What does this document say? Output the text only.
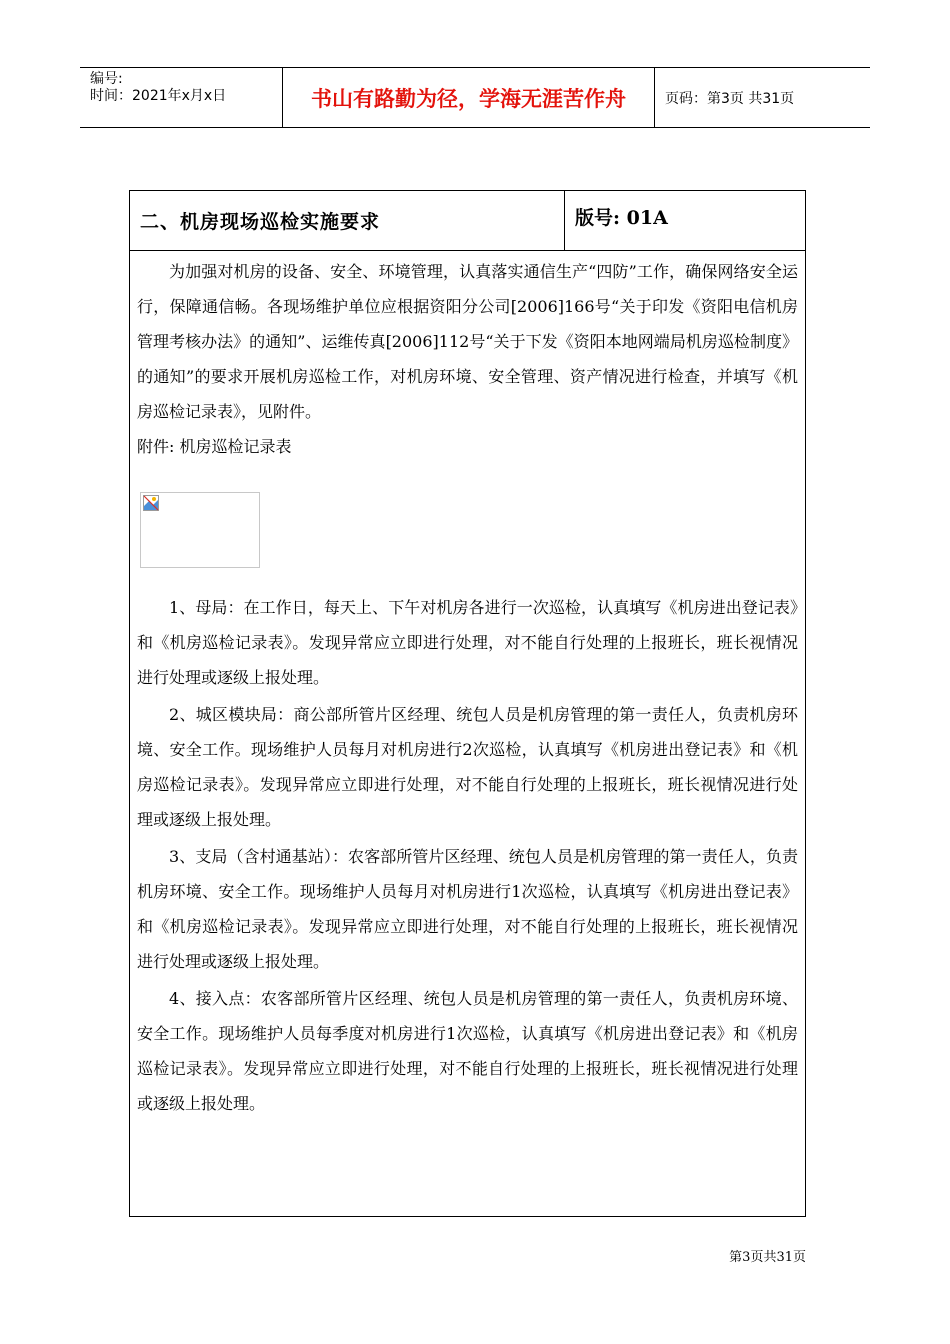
编号:
时间：2021年x月x日	书山有路勤为径，学海无涯苦作舟	页码：第3页 共31页
二、机房现场巡检实施要求	版号: 01A

为加强对机房的设备、安全、环境管理，认真落实通信生产“四防”工作，确保网络安全运行，保障通信畅。各现场维护单位应根据资阳分公司[2006]166号“关于印发《资阳电信机房管理考核办法》的通知”、运维传真[2006]112号“关于下发《资阳本地网端局机房巡检制度》的通知”的要求开展机房巡检工作，对机房环境、安全管理、资产情况进行检查，并填写《机房巡检记录表》，见附件。

附件: 机房巡检记录表

1、母局：在工作日，每天上、下午对机房各进行一次巡检，认真填写《机房进出登记表》和《机房巡检记录表》。发现异常应立即进行处理，对不能自行处理的上报班长，班长视情况进行处理或逐级上报处理。

2、城区模块局：商公部所管片区经理、统包人员是机房管理的第一责任人，负责机房环境、安全工作。现场维护人员每月对机房进行2次巡检，认真填写《机房进出登记表》和《机房巡检记录表》。发现异常应立即进行处理，对不能自行处理的上报班长，班长视情况进行处理或逐级上报处理。

3、支局（含村通基站）：农客部所管片区经理、统包人员是机房管理的第一责任人，负责机房环境、安全工作。现场维护人员每月对机房进行1次巡检，认真填写《机房进出登记表》和《机房巡检记录表》。发现异常应立即进行处理，对不能自行处理的上报班长，班长视情况进行处理或逐级上报处理。

4、接入点：农客部所管片区经理、统包人员是机房管理的第一责任人，负责机房环境、安全工作。现场维护人员每季度对机房进行1次巡检，认真填写《机房进出登记表》和《机房巡检记录表》。发现异常应立即进行处理，对不能自行处理的上报班长，班长视情况进行处理或逐级上报处理。

第3页共31页
